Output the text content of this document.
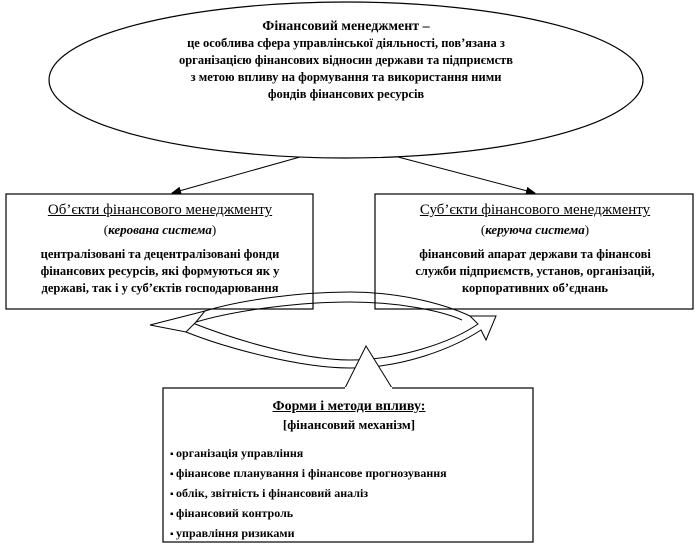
Фінансовий менеджмент –
це особлива сфера управлінської діяльності, пов’язана з
організацією фінансових відносин держави та підприємств
з метою впливу на формування та використання ними
фондів фінансових ресурсів
Об’єкти фінансового менеджменту
(керована система)
централізовані та децентралізовані фонди
фінансових ресурсів, які формуються як у
державі, так і у суб’єктів господарювання
Суб’єкти фінансового менеджменту
(керуюча система)
фінансовий апарат держави та фінансові
служби підприємств, установ, організацій,
корпоративних об’єднань
Форми і методи впливу:
[фінансовий механізм]
▪ організація управління
▪ фінансове планування і фінансове прогнозування
▪ облік, звітність і фінансовий аналіз
▪ фінансовий контроль
▪ управління ризиками
